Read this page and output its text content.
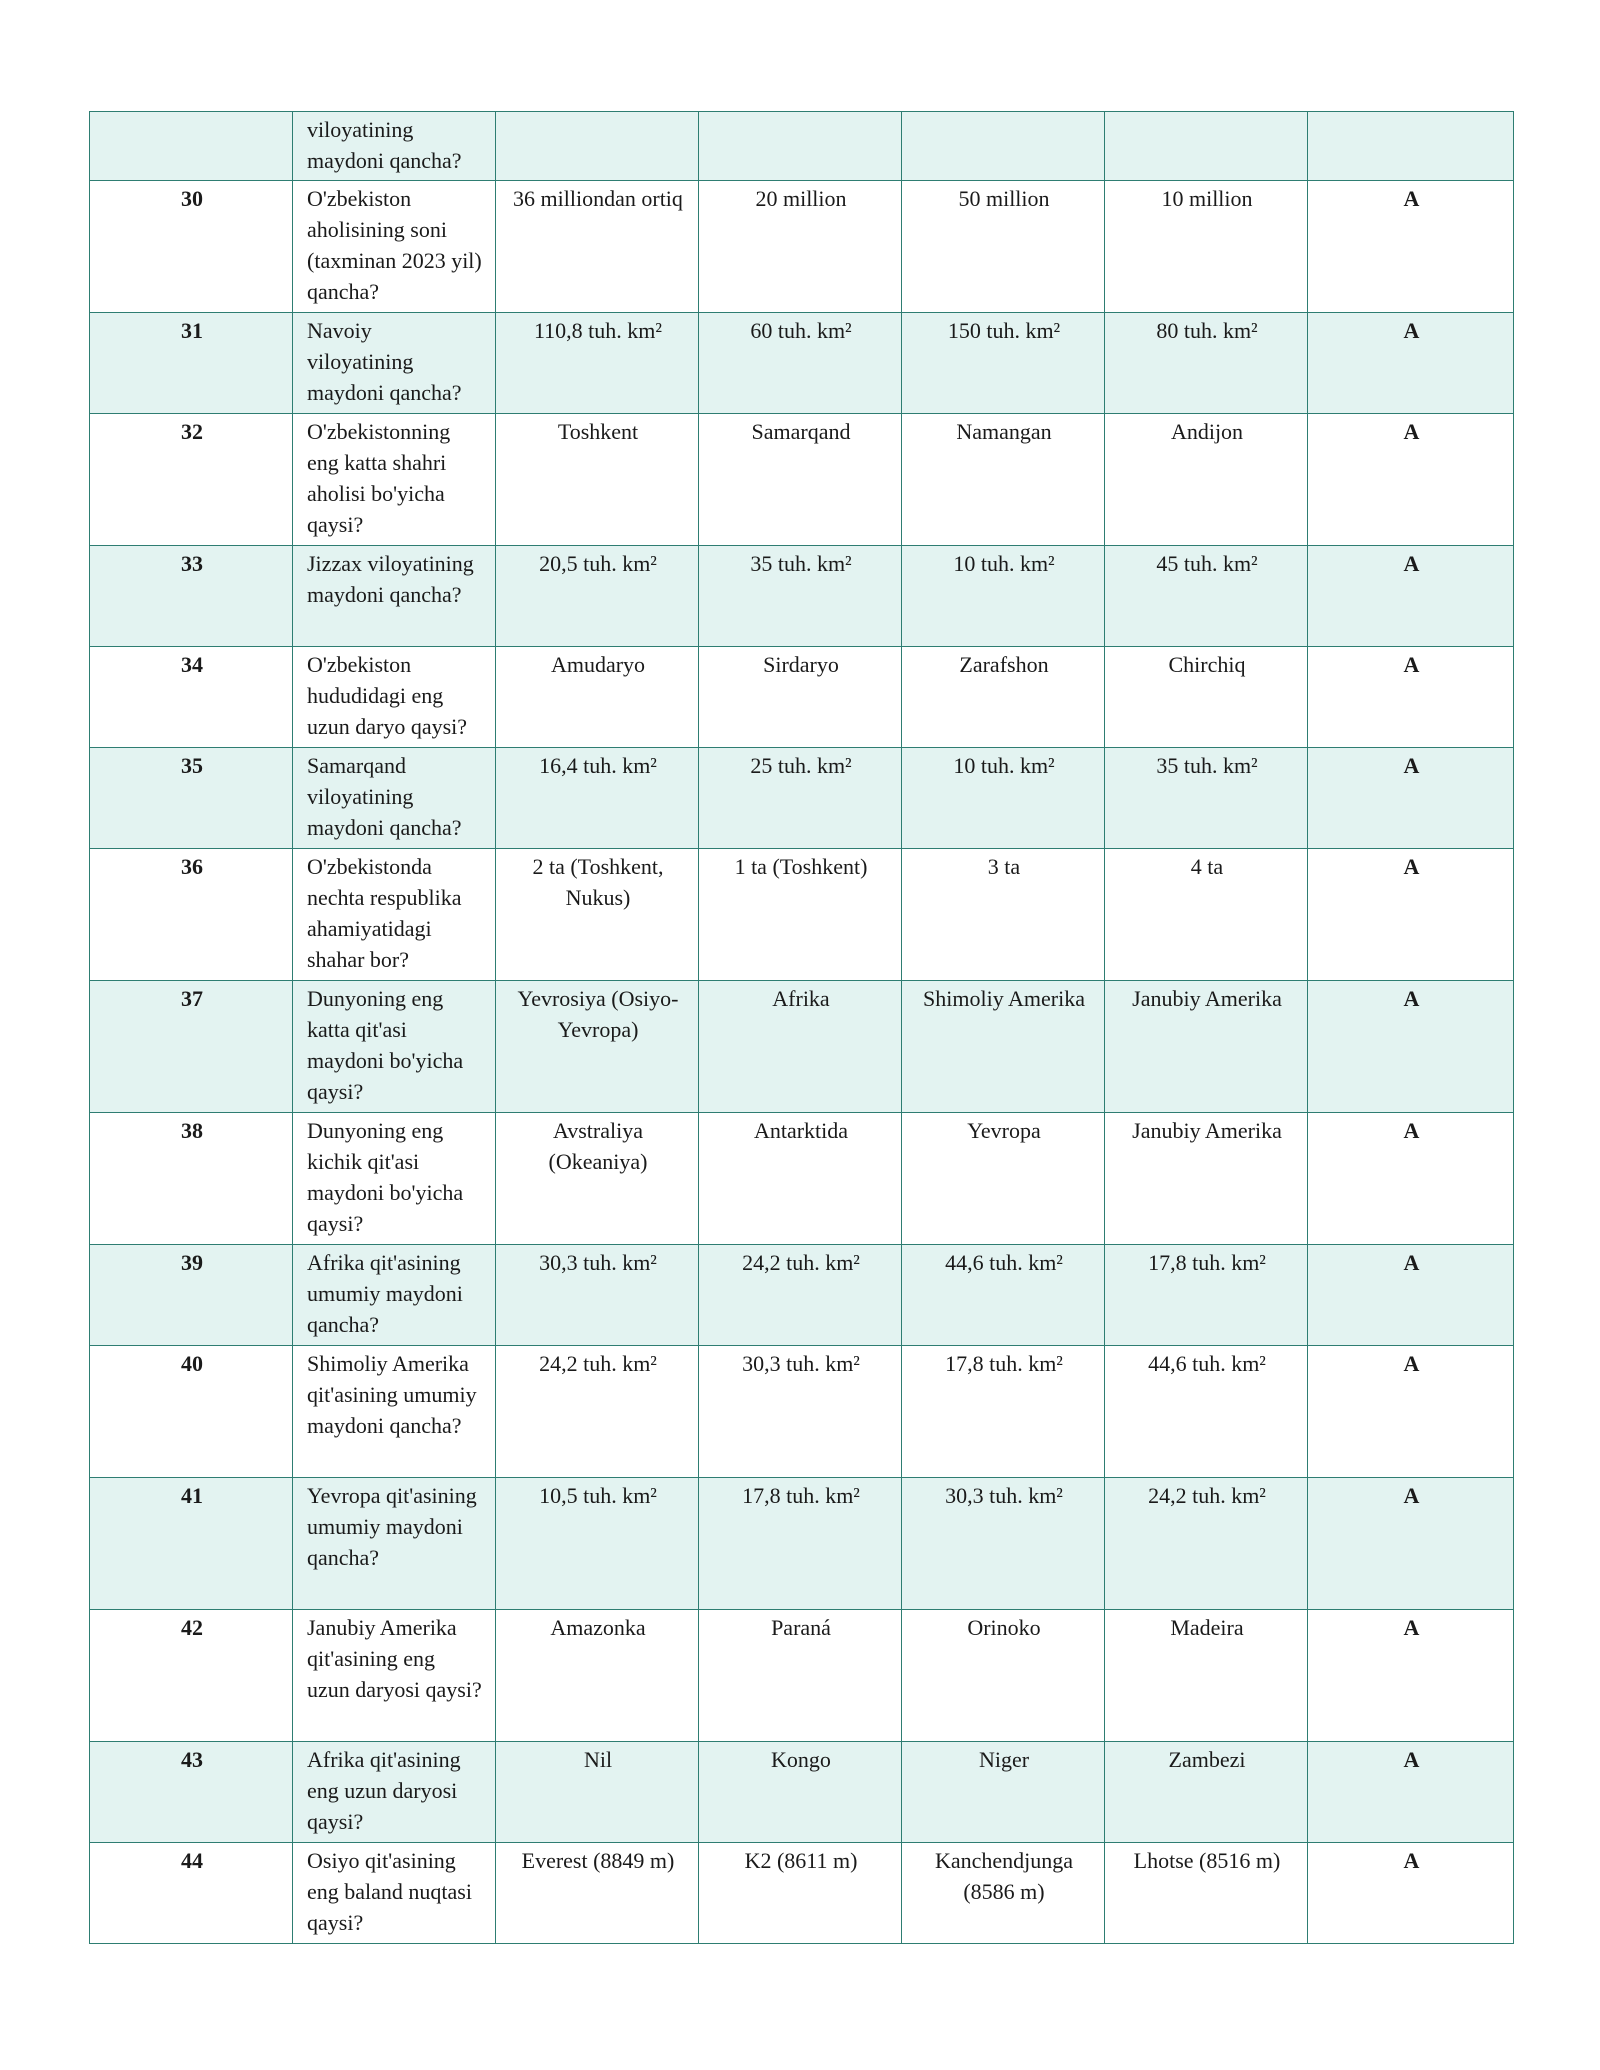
	viloyatining maydoni qancha?					
30	O'zbekiston aholisining soni (taxminan 2023 yil) qancha?	36 milliondan ortiq	20 million	50 million	10 million	A
31	Navoiy viloyatining maydoni qancha?	110,8 tuh. km²	60 tuh. km²	150 tuh. km²	80 tuh. km²	A
32	O'zbekistonning eng katta shahri aholisi bo'yicha qaysi?	Toshkent	Samarqand	Namangan	Andijon	A
33	Jizzax viloyatining maydoni qancha?	20,5 tuh. km²	35 tuh. km²	10 tuh. km²	45 tuh. km²	A
34	O'zbekiston hududidagi eng uzun daryo qaysi?	Amudaryo	Sirdaryo	Zarafshon	Chirchiq	A
35	Samarqand viloyatining maydoni qancha?	16,4 tuh. km²	25 tuh. km²	10 tuh. km²	35 tuh. km²	A
36	O'zbekistonda nechta respublika ahamiyatidagi shahar bor?	2 ta (Toshkent, Nukus)	1 ta (Toshkent)	3 ta	4 ta	A
37	Dunyoning eng katta qit'asi maydoni bo'yicha qaysi?	Yevrosiya (Osiyo-Yevropa)	Afrika	Shimoliy Amerika	Janubiy Amerika	A
38	Dunyoning eng kichik qit'asi maydoni bo'yicha qaysi?	Avstraliya (Okeaniya)	Antarktida	Yevropa	Janubiy Amerika	A
39	Afrika qit'asining umumiy maydoni qancha?	30,3 tuh. km²	24,2 tuh. km²	44,6 tuh. km²	17,8 tuh. km²	A
40	Shimoliy Amerika qit'asining umumiy maydoni qancha?	24,2 tuh. km²	30,3 tuh. km²	17,8 tuh. km²	44,6 tuh. km²	A
41	Yevropa qit'asining umumiy maydoni qancha?	10,5 tuh. km²	17,8 tuh. km²	30,3 tuh. km²	24,2 tuh. km²	A
42	Janubiy Amerika qit'asining eng uzun daryosi qaysi?	Amazonka	Paraná	Orinoko	Madeira	A
43	Afrika qit'asining eng uzun daryosi qaysi?	Nil	Kongo	Niger	Zambezi	A
44	Osiyo qit'asining eng baland nuqtasi qaysi?	Everest (8849 m)	K2 (8611 m)	Kanchendjunga (8586 m)	Lhotse (8516 m)	A
